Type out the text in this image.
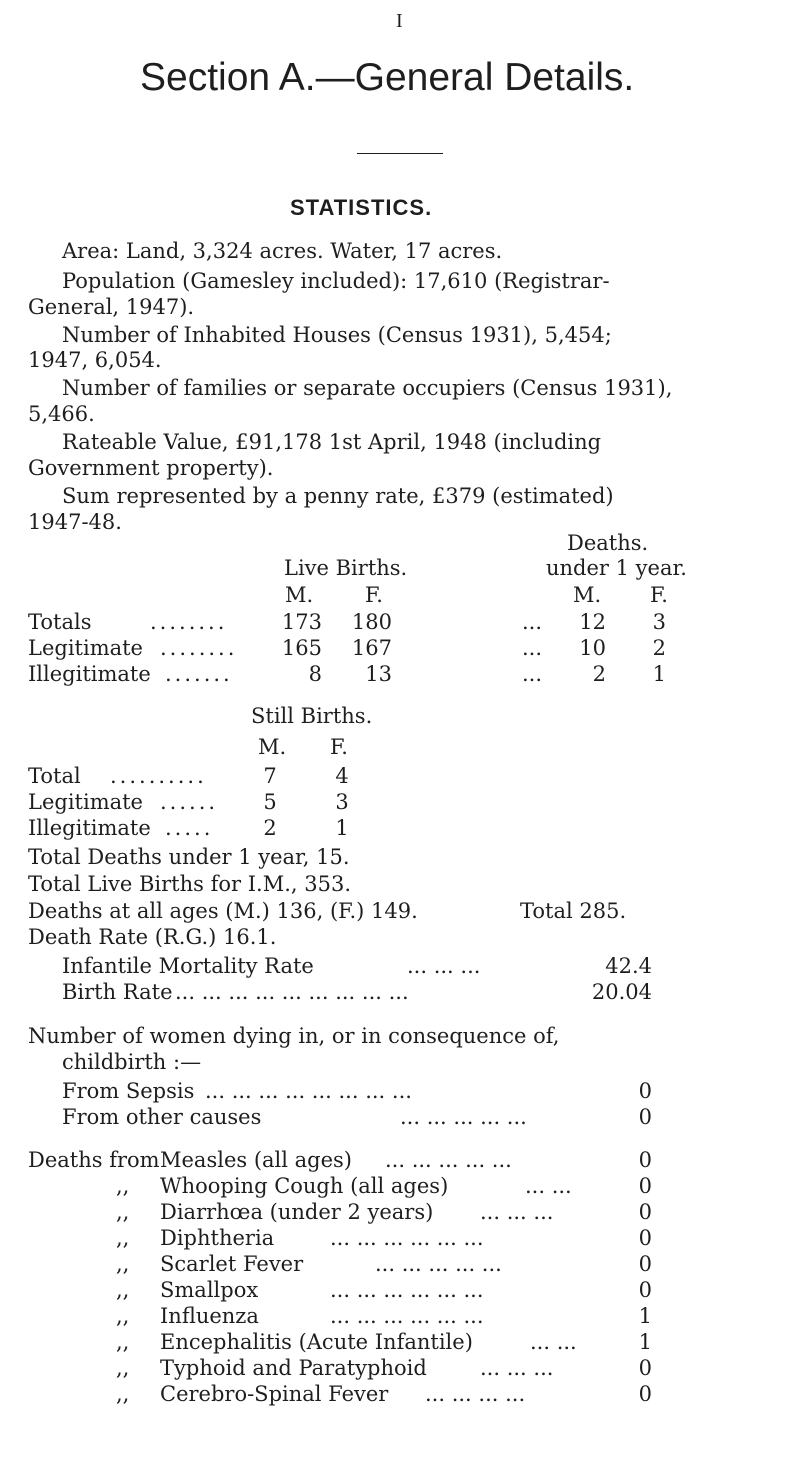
I
Section A.—General Details.
STATISTICS.
Area: Land, 3,324 acres. Water, 17 acres.
Population (Gamesley included): 17,610 (Registrar-
General, 1947).
Number of Inhabited Houses (Census 1931), 5,454;
1947, 6,054.
Number of families or separate occupiers (Census 1931),
5,466.
Rateable Value, £91,178 1st April, 1948 (including
Government property).
Sum represented by a penny rate, £379 (estimated)
1947-48.
Deaths.
Live Births.	under 1 year.
M. F.	M. F.
Totals	........	173 180	...	12	3
Legitimate ........ 165 167	...	10	2
Illegitimate .......	8	13	...	2	1
Still Births.
M. F.
Total ..........	7	4
Legitimate ...... 5	3
Illegitimate ..... 2	1
Total Deaths under 1 year, 15.
Total Live Births for I.M., 353.
Deaths at all ages (M.) 136, (F.) 149.	Total 285.
Death Rate (R.G.) 16.1.
Infantile Mortality Rate	... ... ...	42.4
Birth Rate ... ... ... ... ... ... ... ... ...	20.04
Number of women dying in, or in consequence of,
childbirth :—
From Sepsis ... ... ... ... ... ... ... ...	0
From other causes	... ... ... ... ...	0
Deaths from Measles (all ages) ... ... ... ... ...	0
,, Whooping Cough (all ages)	... ...	0
,, Diarrhœa (under 2 years) ... ... ...	0
,, Diphtheria	... ... ... ... ... ...	0
,, Scarlet Fever	... ... ... ... ...	0
,, Smallpox	... ... ... ... ... ...	0
,, Influenza	... ... ... ... ... ...	1
,, Encephalitis (Acute Infantile)	... ...	1
,, Typhoid and Paratyphoid	... ... ...	0
,, Cerebro-Spinal Fever ... ... ... ...	0
